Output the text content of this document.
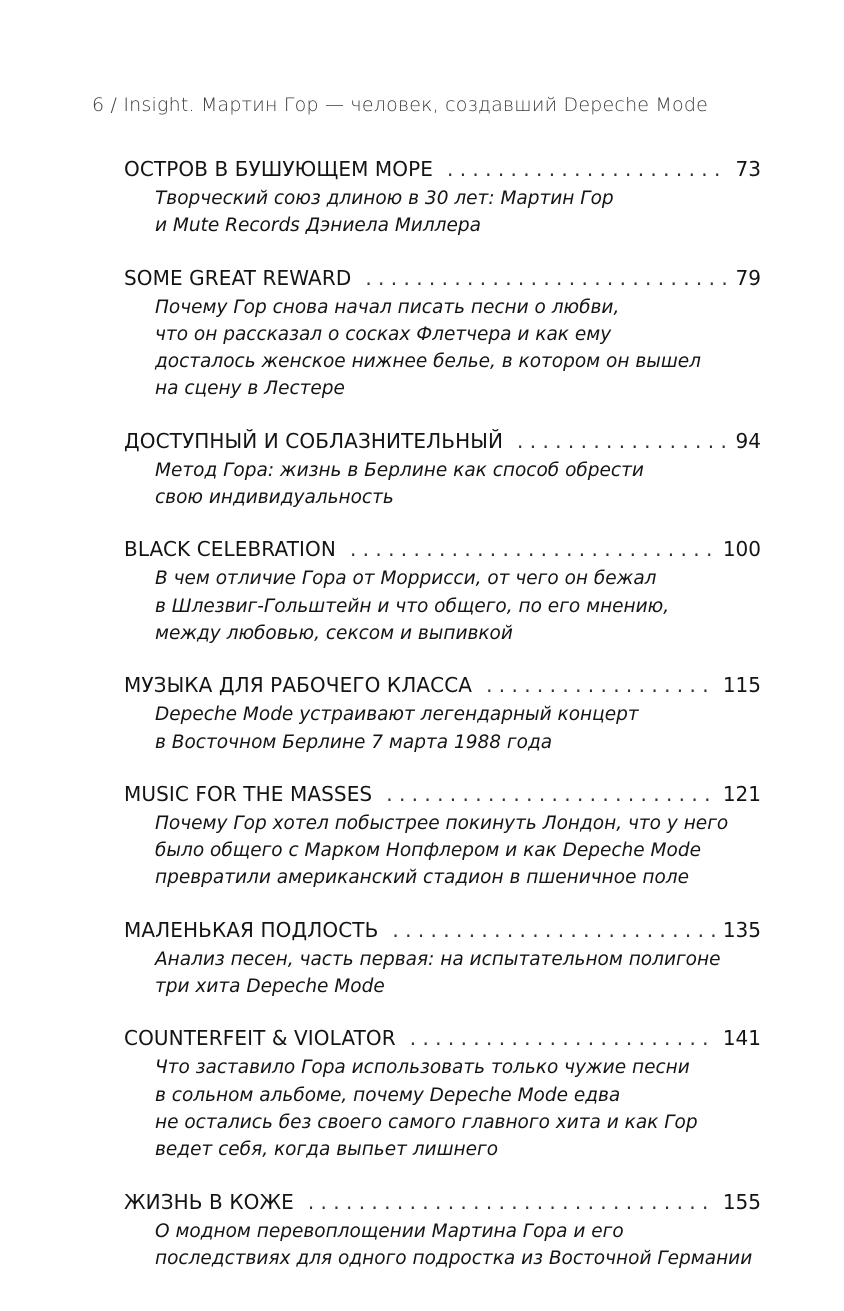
6 / Insight. Мартин Гор — человек, создавший Depeche Mode
ОСТРОВ В БУШУЮЩЕМ МОРЕ . . .	73
Творческий союз длиною в 30 лет: Мартин Гор
и Mute Records Дэниела Миллера
SOME GREAT REWARD . . .	79
Почему Гор снова начал писать песни о любви,
что он рассказал о сосках Флетчера и как ему
досталось женское нижнее белье, в котором он вышел
на сцену в Лестере
ДОСТУПНЫЙ И СОБЛАЗНИТЕЛЬНЫЙ . . .	94
Метод Гора: жизнь в Берлине как способ обрести
свою индивидуальность
BLACK CELEBRATION . . .	100
В чем отличие Гора от Моррисси, от чего он бежал
в Шлезвиг-Гольштейн и что общего, по его мнению,
между любовью, сексом и выпивкой
МУЗЫКА ДЛЯ РАБОЧЕГО КЛАССА . . .	115
Depeche Mode устраивают легендарный концерт
в Восточном Берлине 7 марта 1988 года
MUSIC FOR THE MASSES . . .	121
Почему Гор хотел побыстрее покинуть Лондон, что у него
было общего с Марком Нопфлером и как Depeche Mode
превратили американский стадион в пшеничное поле
МАЛЕНЬКАЯ ПОДЛОСТЬ . . .	135
Анализ песен, часть первая: на испытательном полигоне
три хита Depeche Mode
COUNTERFEIT & VIOLATOR . . .	141
Что заставило Гора использовать только чужие песни
в сольном альбоме, почему Depeche Mode едва
не остались без своего самого главного хита и как Гор
ведет себя, когда выпьет лишнего
ЖИЗНЬ В КОЖЕ . . .	155
О модном перевоплощении Мартина Гора и его
последствиях для одного подростка из Восточной Германии
